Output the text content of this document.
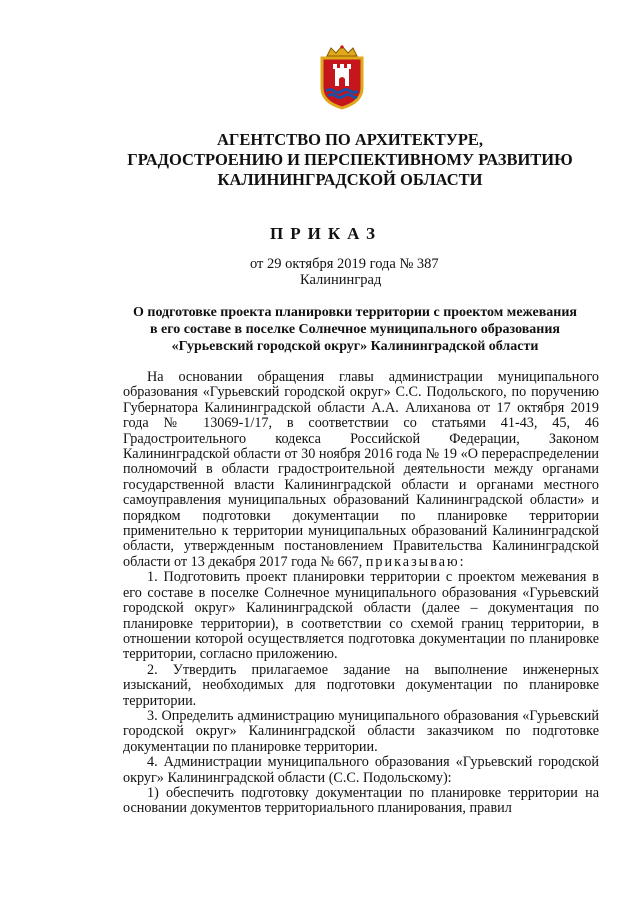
АГЕНТСТВО ПО АРХИТЕКТУРЕ,
ГРАДОСТРОЕНИЮ И ПЕРСПЕКТИВНОМУ РАЗВИТИЮ
КАЛИНИНГРАДСКОЙ ОБЛАСТИ
ПРИКАЗ
от 29 октября 2019 года № 387
Калининград
О подготовке проекта планировки территории с проектом межевания
в его составе в поселке Солнечное муниципального образования
«Гурьевский городской округ» Калининградской области

На основании обращения главы администрации муниципального образования «Гурьевский городской округ» С.С. Подольского, по поручению Губернатора Калининградской области А.А. Алиханова от 17 октября 2019 года № 13069-1/17, в соответствии со статьями 41-43, 45, 46 Градостроительного кодекса Российской Федерации, Законом Калининградской области от 30 ноября 2016 года № 19 «О перераспределении полномочий в области градостроительной деятельности между органами государственной власти Калининградской области и органами местного самоуправления муниципальных образований Калининградской области» и порядком подготовки документации по планировке территории применительно к территории муниципальных образований Калининградской области, утвержденным постановлением Правительства Калининградской области от 13 декабря 2017 года № 667, приказываю:

1. Подготовить проект планировки территории с проектом межевания в его составе в поселке Солнечное муниципального образования «Гурьевский городской округ» Калининградской области (далее – документация по планировке территории), в соответствии со схемой границ территории, в отношении которой осуществляется подготовка документации по планировке территории, согласно приложению.

2. Утвердить прилагаемое задание на выполнение инженерных изысканий, необходимых для подготовки документации по планировке территории.

3. Определить администрацию муниципального образования «Гурьевский городской округ» Калининградской области заказчиком по подготовке документации по планировке территории.

4. Администрации муниципального образования «Гурьевский городской округ» Калининградской области (С.С. Подольскому):

1) обеспечить подготовку документации по планировке территории на основании документов территориального планирования, правил
